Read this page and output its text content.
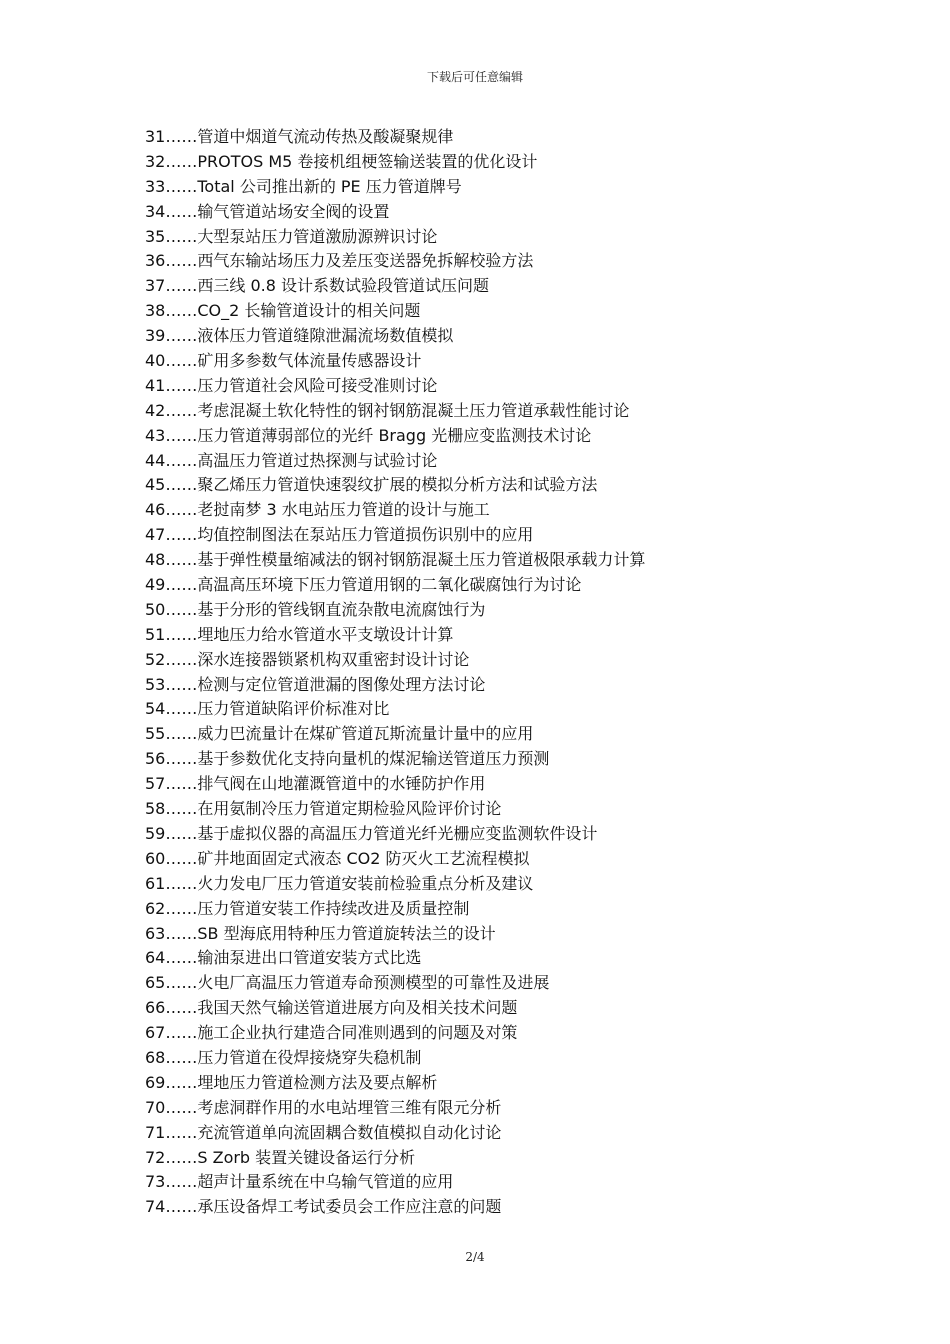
下载后可任意编辑
31……管道中烟道气流动传热及酸凝聚规律
32……PROTOS M5 卷接机组梗签输送装置的优化设计
33……Total 公司推出新的 PE 压力管道牌号
34……输气管道站场安全阀的设置
35……大型泵站压力管道激励源辨识讨论
36……西气东输站场压力及差压变送器免拆解校验方法
37……西三线 0.8 设计系数试验段管道试压问题
38……CO_2 长输管道设计的相关问题
39……液体压力管道缝隙泄漏流场数值模拟
40……矿用多参数气体流量传感器设计
41……压力管道社会风险可接受准则讨论
42……考虑混凝土软化特性的钢衬钢筋混凝土压力管道承载性能讨论
43……压力管道薄弱部位的光纤 Bragg 光栅应变监测技术讨论
44……高温压力管道过热探测与试验讨论
45……聚乙烯压力管道快速裂纹扩展的模拟分析方法和试验方法
46……老挝南梦 3 水电站压力管道的设计与施工
47……均值控制图法在泵站压力管道损伤识别中的应用
48……基于弹性模量缩减法的钢衬钢筋混凝土压力管道极限承载力计算
49……高温高压环境下压力管道用钢的二氧化碳腐蚀行为讨论
50……基于分形的管线钢直流杂散电流腐蚀行为
51……埋地压力给水管道水平支墩设计计算
52……深水连接器锁紧机构双重密封设计讨论
53……检测与定位管道泄漏的图像处理方法讨论
54……压力管道缺陷评价标准对比
55……威力巴流量计在煤矿管道瓦斯流量计量中的应用
56……基于参数优化支持向量机的煤泥输送管道压力预测
57……排气阀在山地灌溉管道中的水锤防护作用
58……在用氨制冷压力管道定期检验风险评价讨论
59……基于虚拟仪器的高温压力管道光纤光栅应变监测软件设计
60……矿井地面固定式液态 CO2 防灭火工艺流程模拟
61……火力发电厂压力管道安装前检验重点分析及建议
62……压力管道安装工作持续改进及质量控制
63……SB 型海底用特种压力管道旋转法兰的设计
64……输油泵进出口管道安装方式比选
65……火电厂高温压力管道寿命预测模型的可靠性及进展
66……我国天然气输送管道进展方向及相关技术问题
67……施工企业执行建造合同准则遇到的问题及对策
68……压力管道在役焊接烧穿失稳机制
69……埋地压力管道检测方法及要点解析
70……考虑洞群作用的水电站埋管三维有限元分析
71……充流管道单向流固耦合数值模拟自动化讨论
72……S Zorb 装置关键设备运行分析
73……超声计量系统在中乌输气管道的应用
74……承压设备焊工考试委员会工作应注意的问题
2/4
